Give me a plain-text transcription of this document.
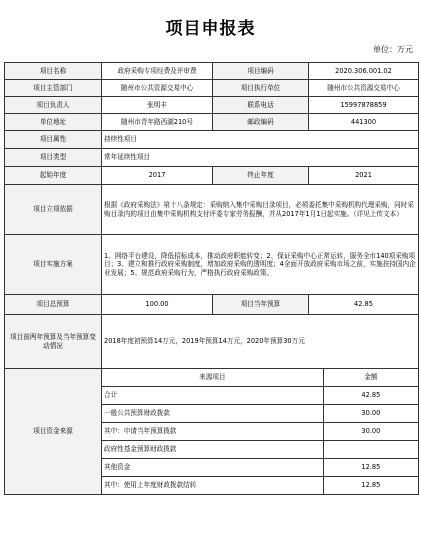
项目申报表
单位：万元
项目名称	政府采购专项经费及评审费	项目编码	2020.306.001.02
项目主管部门	随州市公共资源交易中心	项目执行单位	随州市公共资源交易中心
项目负责人	张明丰	联系电话	15997878859
单位地址	随州市青年路西湖210号	邮政编码	441300
项目属性	持续性项目
项目类型	常年延续性项目
起始年度	2017	终止年度	2021
项目立项依据	根据《政府采购法》第十八条规定：采购纳入集中采购目录项目，必须委托集中采购机构代理采购，同时采购目录内的项目由集中采购机构支付评委专家劳务报酬，并从2017年1月1日起实施。（详见上传文本）
项目实施方案	1、网络平台建设，降低招标成本，推动政府职能转变；2、保证采购中心正常运转，服务全市140项采购项目；3、建立和推行政府采购制度，增加政府采购的透明度；4全面开放政府采购市场之前，实施扶持国内企业发展；5、规范政府采购行为，严格执行政府采购政策。
项目总预算	100.00	项目当年预算	42.85
项目前两年预算及当年预算变动情况	2018年度初预算14万元，2019年预算14万元，2020年预算30万元
项目资金来源	
来源项目	金额
合计	42.85
一般公共预算财政拨款	30.00
其中：申请当年预算拨款	30.00
政府性基金预算财政拨款	
其他资金	12.85
其中：使用上年度财政拨款结转	12.85
